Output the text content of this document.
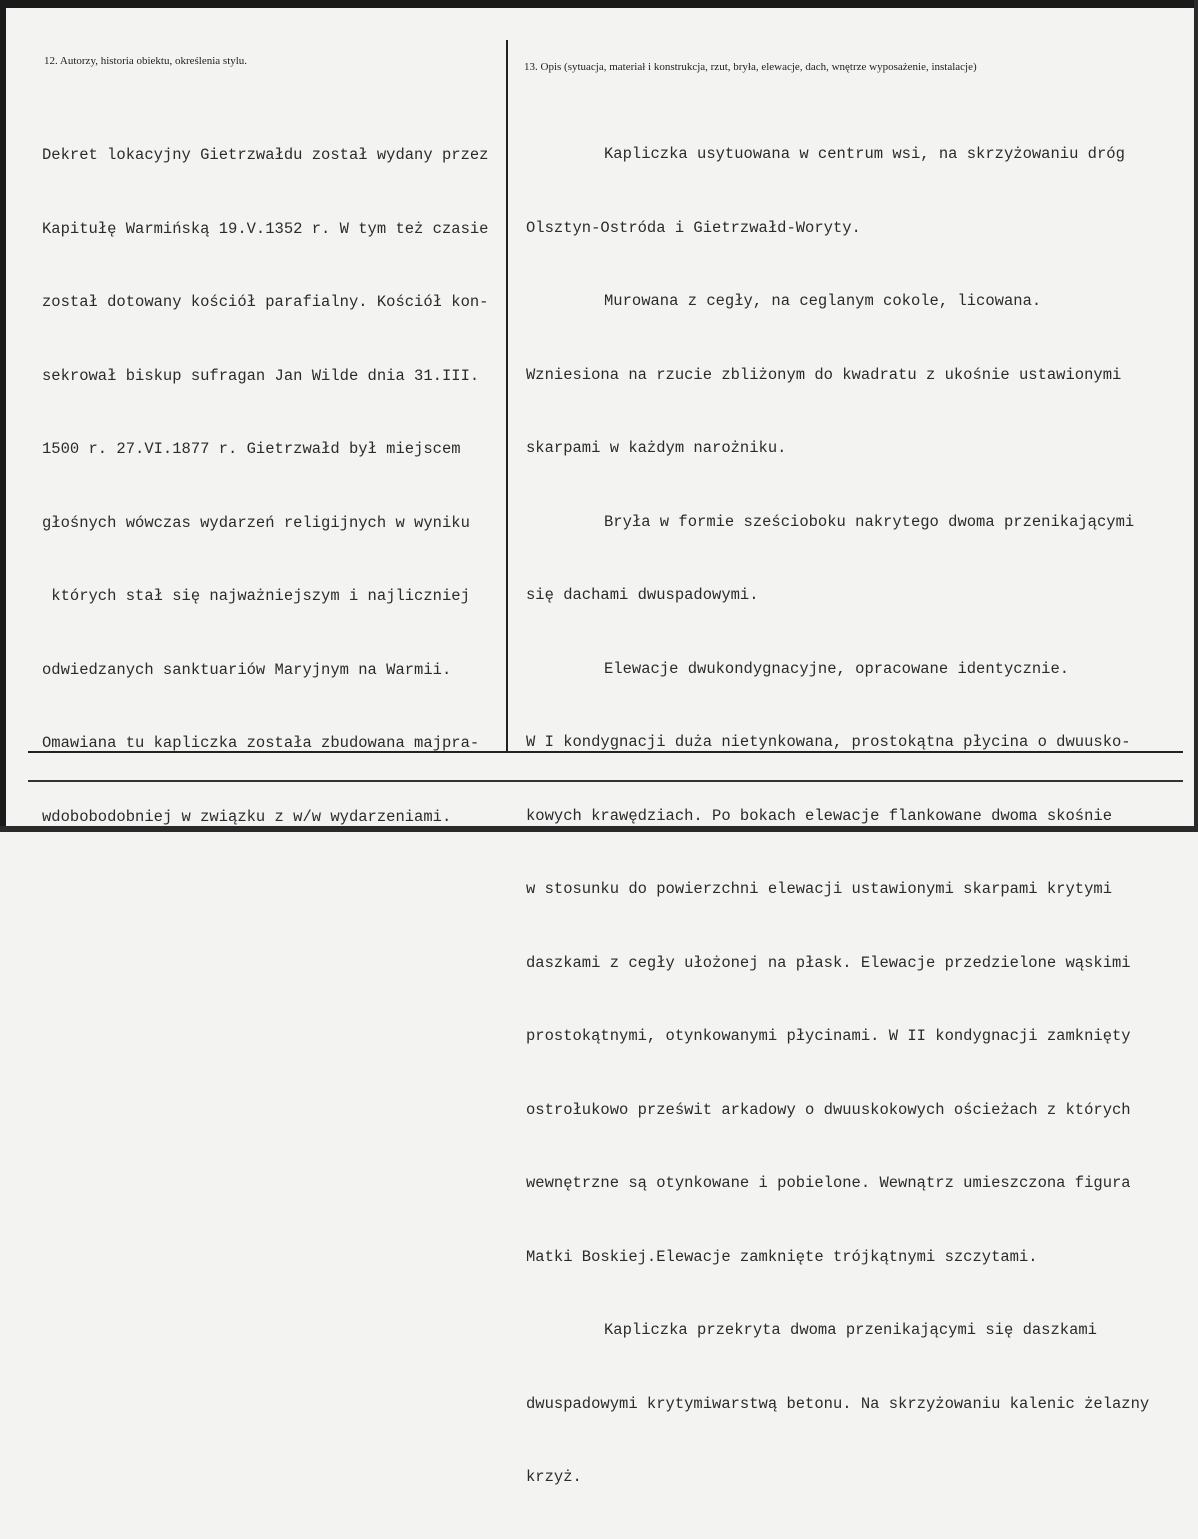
12. Autorzy, historia obiektu, określenia stylu.	13. Opis (sytuacja, materiał i konstrukcja, rzut, bryła, elewacje, dach, wnętrze wyposażenie, instalacje)

Dekret lokacyjny Gietrzwałdu został wydany przez

Kapitułę Warmińską 19.V.1352 r. W tym też czasie

został dotowany kościół parafialny. Kościół kon-

sekrował biskup sufragan Jan Wilde dnia 31.III.

1500 r. 27.VI.1877 r. Gietrzwałd był miejscem

głośnych wówczas wydarzeń religijnych w wyniku

których stał się najważniejszym i najliczniej

odwiedzanych sanktuariów Maryjnym na Warmii.

Omawiana tu kapliczka została zbudowana majpra-

wdobobodobniej w związku z w/w wydarzeniami.

Kapliczka usytuowana w centrum wsi, na skrzyżowaniu dróg

Olsztyn-Ostróda i Gietrzwałd-Woryty.

Murowana z cegły, na ceglanym cokole, licowana.

Wzniesiona na rzucie zbliżonym do kwadratu z ukośnie ustawionymi

skarpami w każdym narożniku.

Bryła w formie sześcioboku nakrytego dwoma przenikającymi

się dachami dwuspadowymi.

Elewacje dwukondygnacyjne, opracowane identycznie.

W I kondygnacji duża nietynkowana, prostokątna płycina o dwuusko-

kowych krawędziach. Po bokach elewacje flankowane dwoma skośnie

w stosunku do powierzchni elewacji ustawionymi skarpami krytymi

daszkami z cegły ułożonej na płask. Elewacje przedzielone wąskimi

prostokątnymi, otynkowanymi płycinami. W II kondygnacji zamknięty

ostrołukowo prześwit arkadowy o dwuuskokowych ościeżach z których

wewnętrzne są otynkowane i pobielone. Wewnątrz umieszczona figura

Matki Boskiej.Elewacje zamknięte trójkątnymi szczytami.

Kapliczka przekryta dwoma przenikającymi się daszkami

dwuspadowymi krytymiwarstwą betonu. Na skrzyżowaniu kalenic żelazny

krzyż.
